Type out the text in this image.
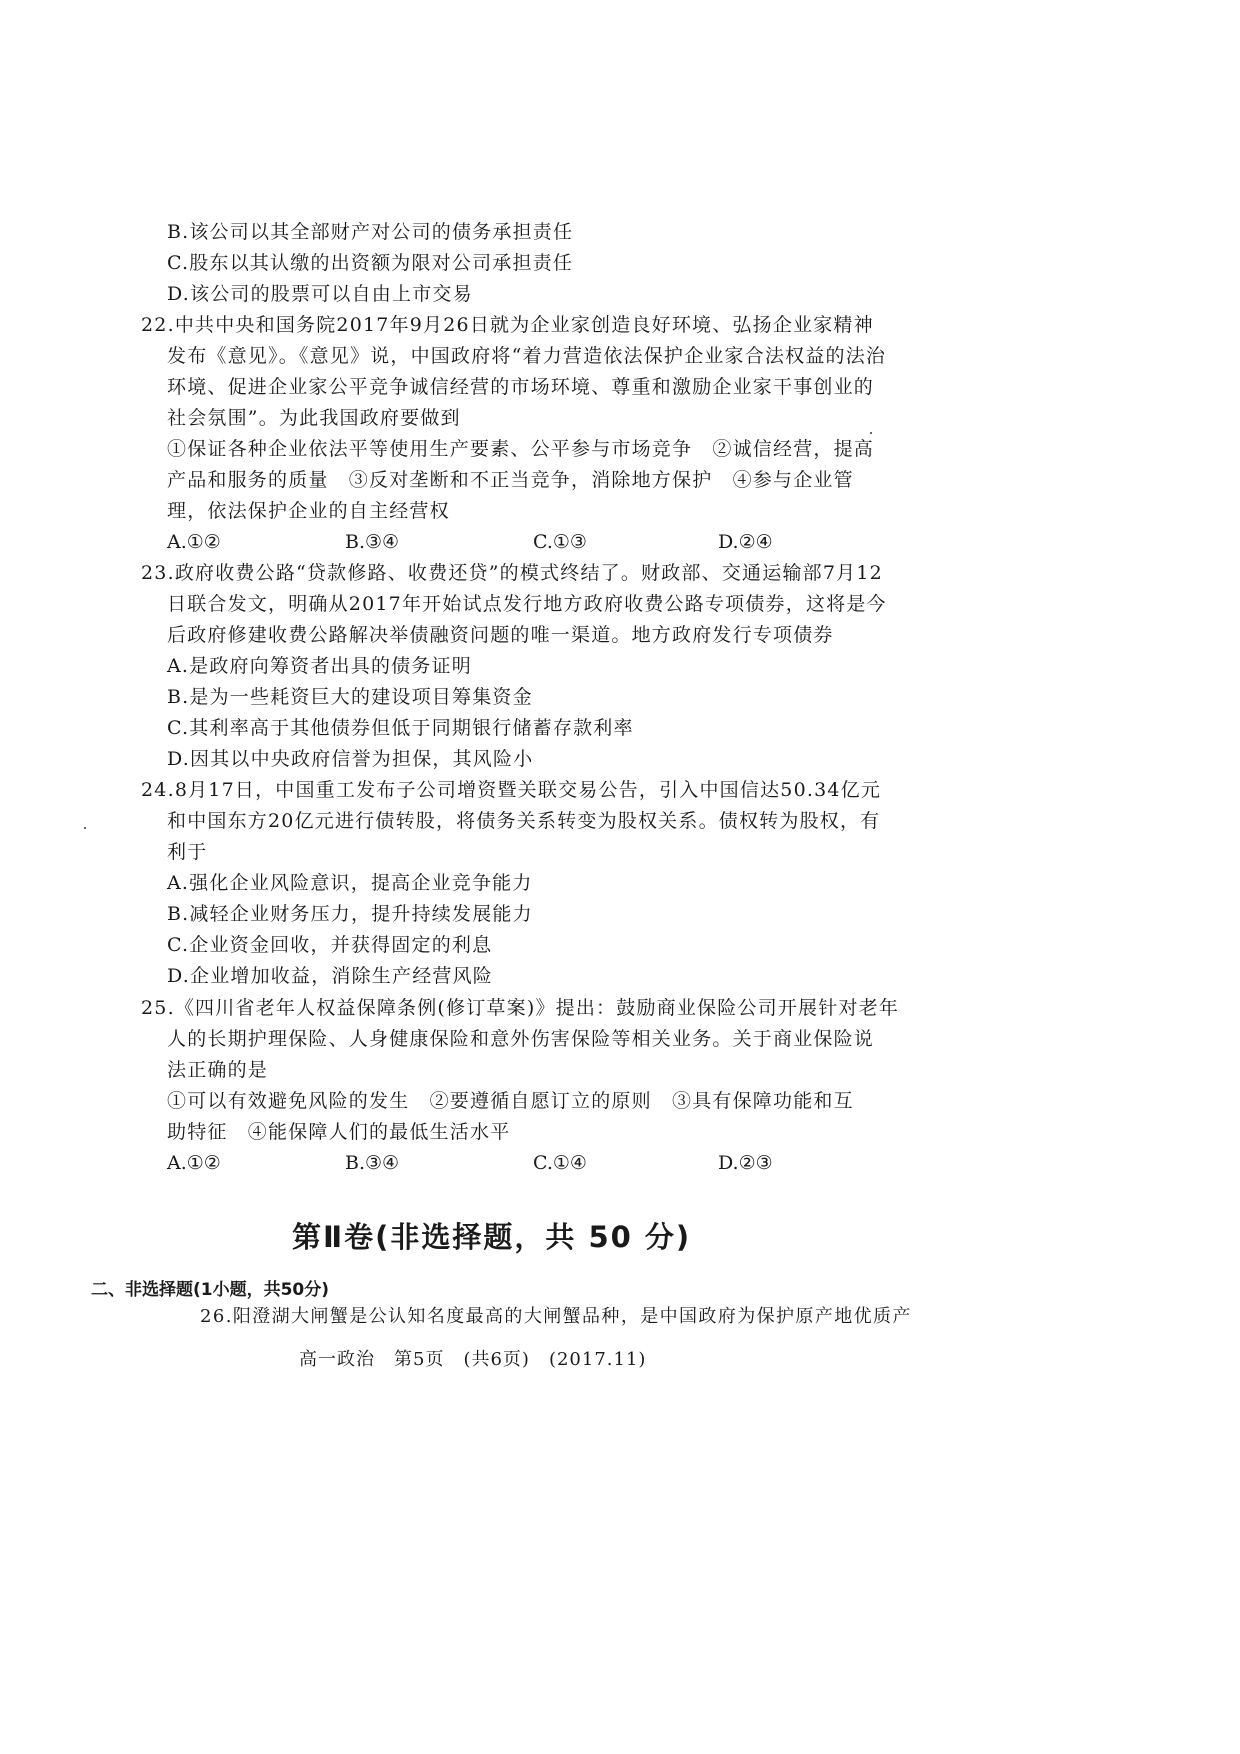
B.该公司以其全部财产对公司的债务承担责任
C.股东以其认缴的出资额为限对公司承担责任
D.该公司的股票可以自由上市交易
22.中共中央和国务院2017年9月26日就为企业家创造良好环境、弘扬企业家精神
发布《意见》。《意见》说，中国政府将“着力营造依法保护企业家合法权益的法治
环境、促进企业家公平竞争诚信经营的市场环境、尊重和激励企业家干事创业的
社会氛围”。为此我国政府要做到
①保证各种企业依法平等使用生产要素、公平参与市场竞争　②诚信经营，提高
产品和服务的质量　③反对垄断和不正当竞争，消除地方保护　④参与企业管
理，依法保护企业的自主经营权
A.①②	B.③④	C.①③	D.②④
23.政府收费公路“贷款修路、收费还贷”的模式终结了。财政部、交通运输部7月12
日联合发文，明确从2017年开始试点发行地方政府收费公路专项债券，这将是今
后政府修建收费公路解决举债融资问题的唯一渠道。地方政府发行专项债券
A.是政府向筹资者出具的债务证明
B.是为一些耗资巨大的建设项目筹集资金
C.其利率高于其他债券但低于同期银行储蓄存款利率
D.因其以中央政府信誉为担保，其风险小
24.8月17日，中国重工发布子公司增资暨关联交易公告，引入中国信达50.34亿元
和中国东方20亿元进行债转股，将债务关系转变为股权关系。债权转为股权，有
利于
A.强化企业风险意识，提高企业竞争能力
B.减轻企业财务压力，提升持续发展能力
C.企业资金回收，并获得固定的利息
D.企业增加收益，消除生产经营风险
25.《四川省老年人权益保障条例(修订草案)》提出：鼓励商业保险公司开展针对老年
人的长期护理保险、人身健康保险和意外伤害保险等相关业务。关于商业保险说
法正确的是
①可以有效避免风险的发生　②要遵循自愿订立的原则　③具有保障功能和互
助特征　④能保障人们的最低生活水平
A.①②	B.③④	C.①④	D.②③
第Ⅱ卷(非选择题，共 50 分)
二、非选择题(1小题，共50分)
26.阳澄湖大闸蟹是公认知名度最高的大闸蟹品种，是中国政府为保护原产地优质产
高一政治　第5页　(共6页)　(2017.11)
